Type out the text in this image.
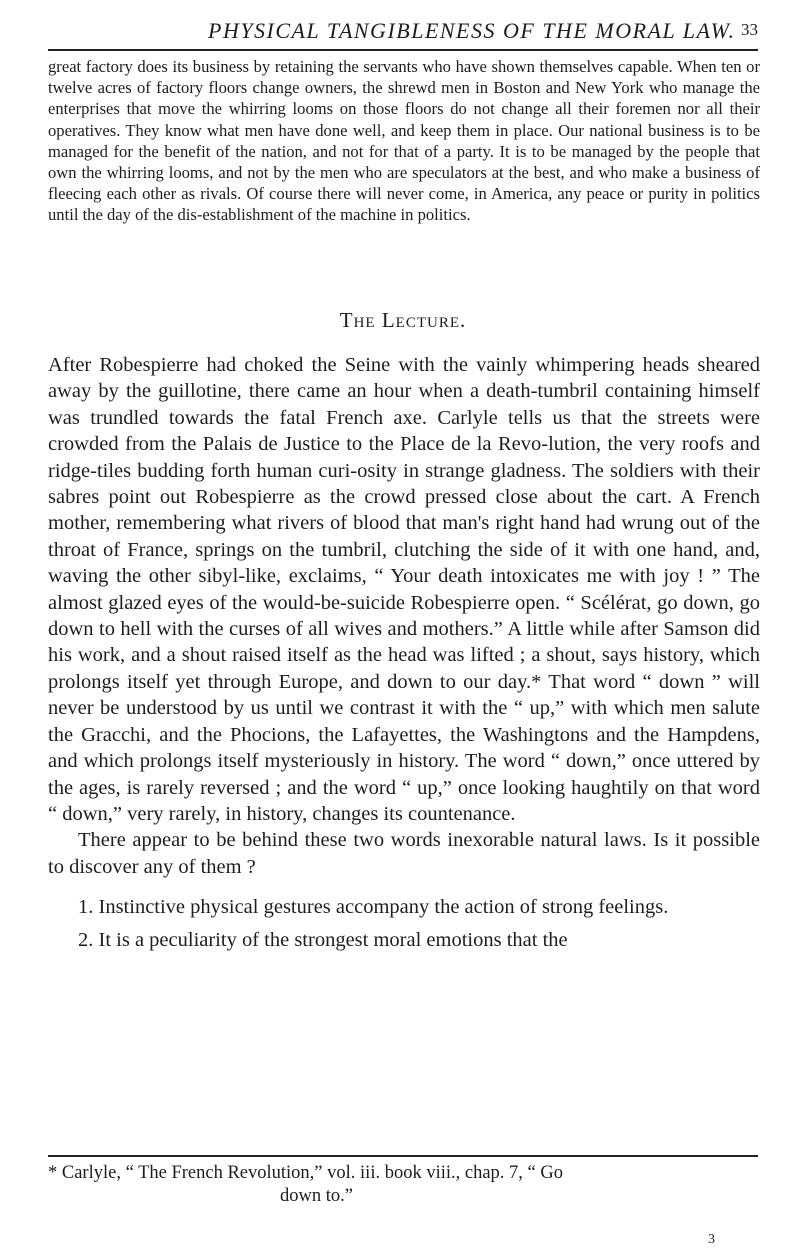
PHYSICAL TANGIBLENESS OF THE MORAL LAW. 33

great factory does its business by retaining the servants who have shown themselves capable. When ten or twelve acres of factory floors change owners, the shrewd men in Boston and New York who manage the enterprises that move the whirring looms on those floors do not change all their foremen nor all their operatives. They know what men have done well, and keep them in place. Our national business is to be managed for the benefit of the nation, and not for that of a party. It is to be managed by the people that own the whirring looms, and not by the men who are speculators at the best, and who make a business of fleecing each other as rivals. Of course there will never come, in America, any peace or purity in politics until the day of the dis-establishment of the machine in politics.

The Lecture.

After Robespierre had choked the Seine with the vainly whimpering heads sheared away by the guillotine, there came an hour when a death-tumbril containing himself was trundled towards the fatal French axe. Carlyle tells us that the streets were crowded from the Palais de Justice to the Place de la Revo-lution, the very roofs and ridge-tiles budding forth human curi-osity in strange gladness. The soldiers with their sabres point out Robespierre as the crowd pressed close about the cart. A French mother, remembering what rivers of blood that man's right hand had wrung out of the throat of France, springs on the tumbril, clutching the side of it with one hand, and, waving the other sibyl-like, exclaims, “ Your death intoxicates me with joy ! ” The almost glazed eyes of the would-be-suicide Robespierre open. “ Scélérat, go down, go down to hell with the curses of all wives and mothers.” A little while after Samson did his work, and a shout raised itself as the head was lifted ; a shout, says history, which prolongs itself yet through Europe, and down to our day.* That word “ down ” will never be understood by us until we contrast it with the “ up,” with which men salute the Gracchi, and the Phocions, the Lafayettes, the Washingtons and the Hampdens, and which prolongs itself mysteriously in history. The word “ down,” once uttered by the ages, is rarely reversed ; and the word “ up,” once looking haughtily on that word “ down,” very rarely, in history, changes its countenance.

There appear to be behind these two words inexorable natural laws. Is it possible to discover any of them ?

1. Instinctive physical gestures accompany the action of strong feelings.

2. It is a peculiarity of the strongest moral emotions that the

* Carlyle, “ The French Revolution,” vol. iii. book viii., chap. 7, “ Go
down to.”
3
